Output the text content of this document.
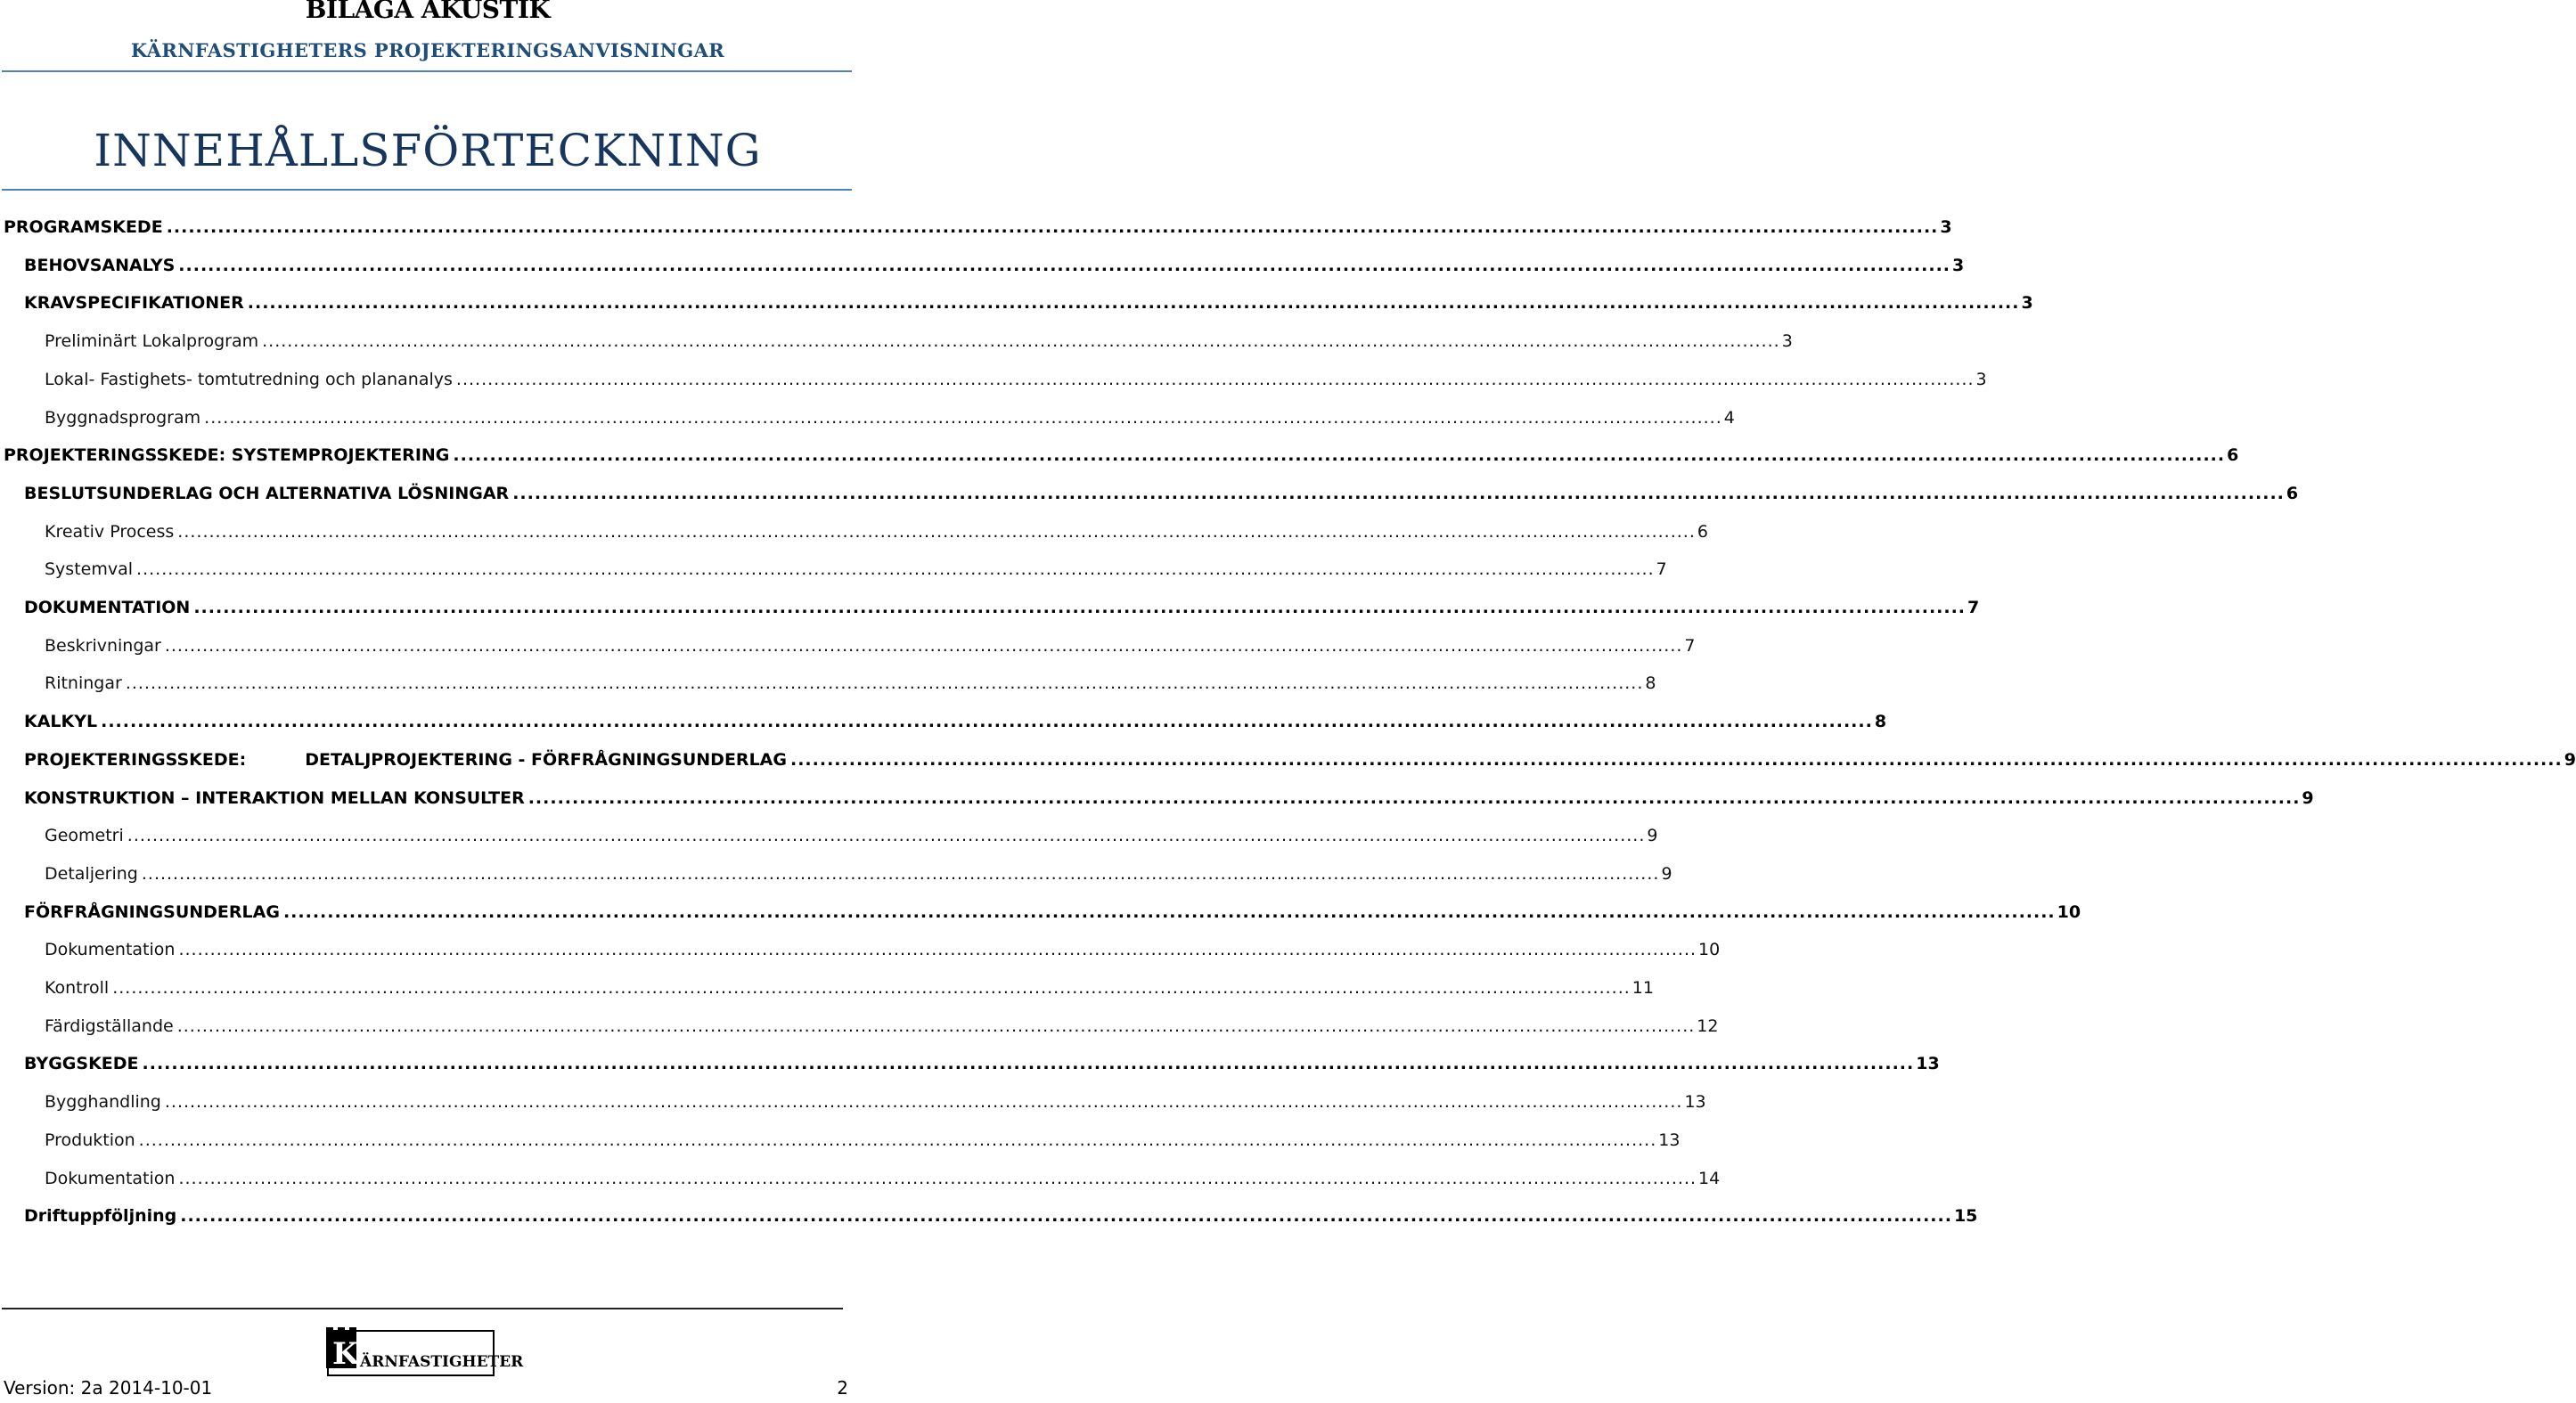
BILAGA AKUSTIK
KÄRNFASTIGHETERS PROJEKTERINGSANVISNINGAR
INNEHÅLLSFÖRTECKNING
PROGRAMSKEDE .....	3
BEHOVSANALYS .....	3
KRAVSPECIFIKATIONER .....	3
Preliminärt Lokalprogram .....	3
Lokal- Fastighets- tomtutredning och plananalys .....	3
Byggnadsprogram .....	4
PROJEKTERINGSSKEDE: SYSTEMPROJEKTERING .....	6
BESLUTSUNDERLAG OCH ALTERNATIVA LÖSNINGAR .....	6
Kreativ Process .....	6
Systemval .....	7
DOKUMENTATION .....	7
Beskrivningar .....	7
Ritningar .....	8
KALKYL .....	8
PROJEKTERINGSSKEDE:	DETALJPROJEKTERING - FÖRFRÅGNINGSUNDERLAG .....	9
KONSTRUKTION – INTERAKTION MELLAN KONSULTER .....	9
Geometri .....	9
Detaljering .....	9
FÖRFRÅGNINGSUNDERLAG .....	10
Dokumentation .....	10
Kontroll .....	11
Färdigställande .....	12
BYGGSKEDE .....	13
Bygghandling .....	13
Produktion .....	13
Dokumentation .....	14
Driftuppföljning .....	15
K ÄRNFASTIGHETER
Version: 2a 2014-10-01	2
